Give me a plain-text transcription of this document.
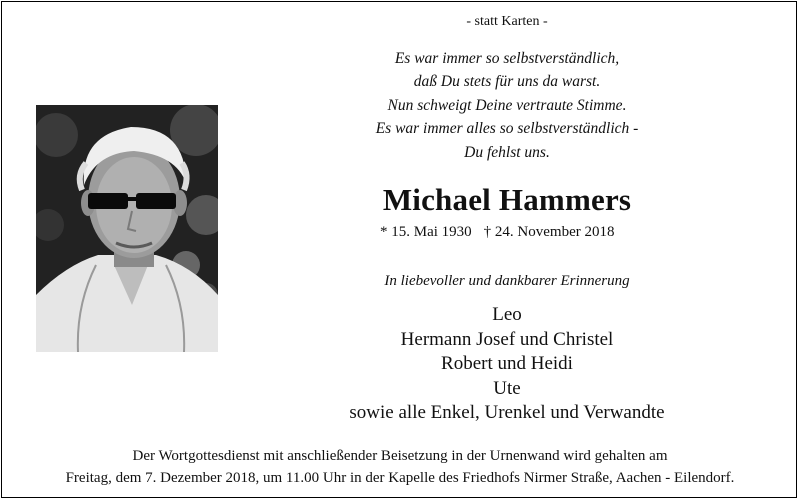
- statt Karten -
Es war immer so selbstverständlich,
daß Du stets für uns da warst.
Nun schweigt Deine vertraute Stimme.
Es war immer alles so selbstverständlich -
Du fehlst uns.
Michael Hammers
* 15. Mai 1930 † 24. November 2018
In liebevoller und dankbarer Erinnerung
Leo
Hermann Josef und Christel
Robert und Heidi
Ute
sowie alle Enkel, Urenkel und Verwandte
Der Wortgottesdienst mit anschließender Beisetzung in der Urnenwand wird gehalten am
Freitag, dem 7. Dezember 2018, um 11.00 Uhr in der Kapelle des Friedhofs Nirmer Straße, Aachen - Eilendorf.
